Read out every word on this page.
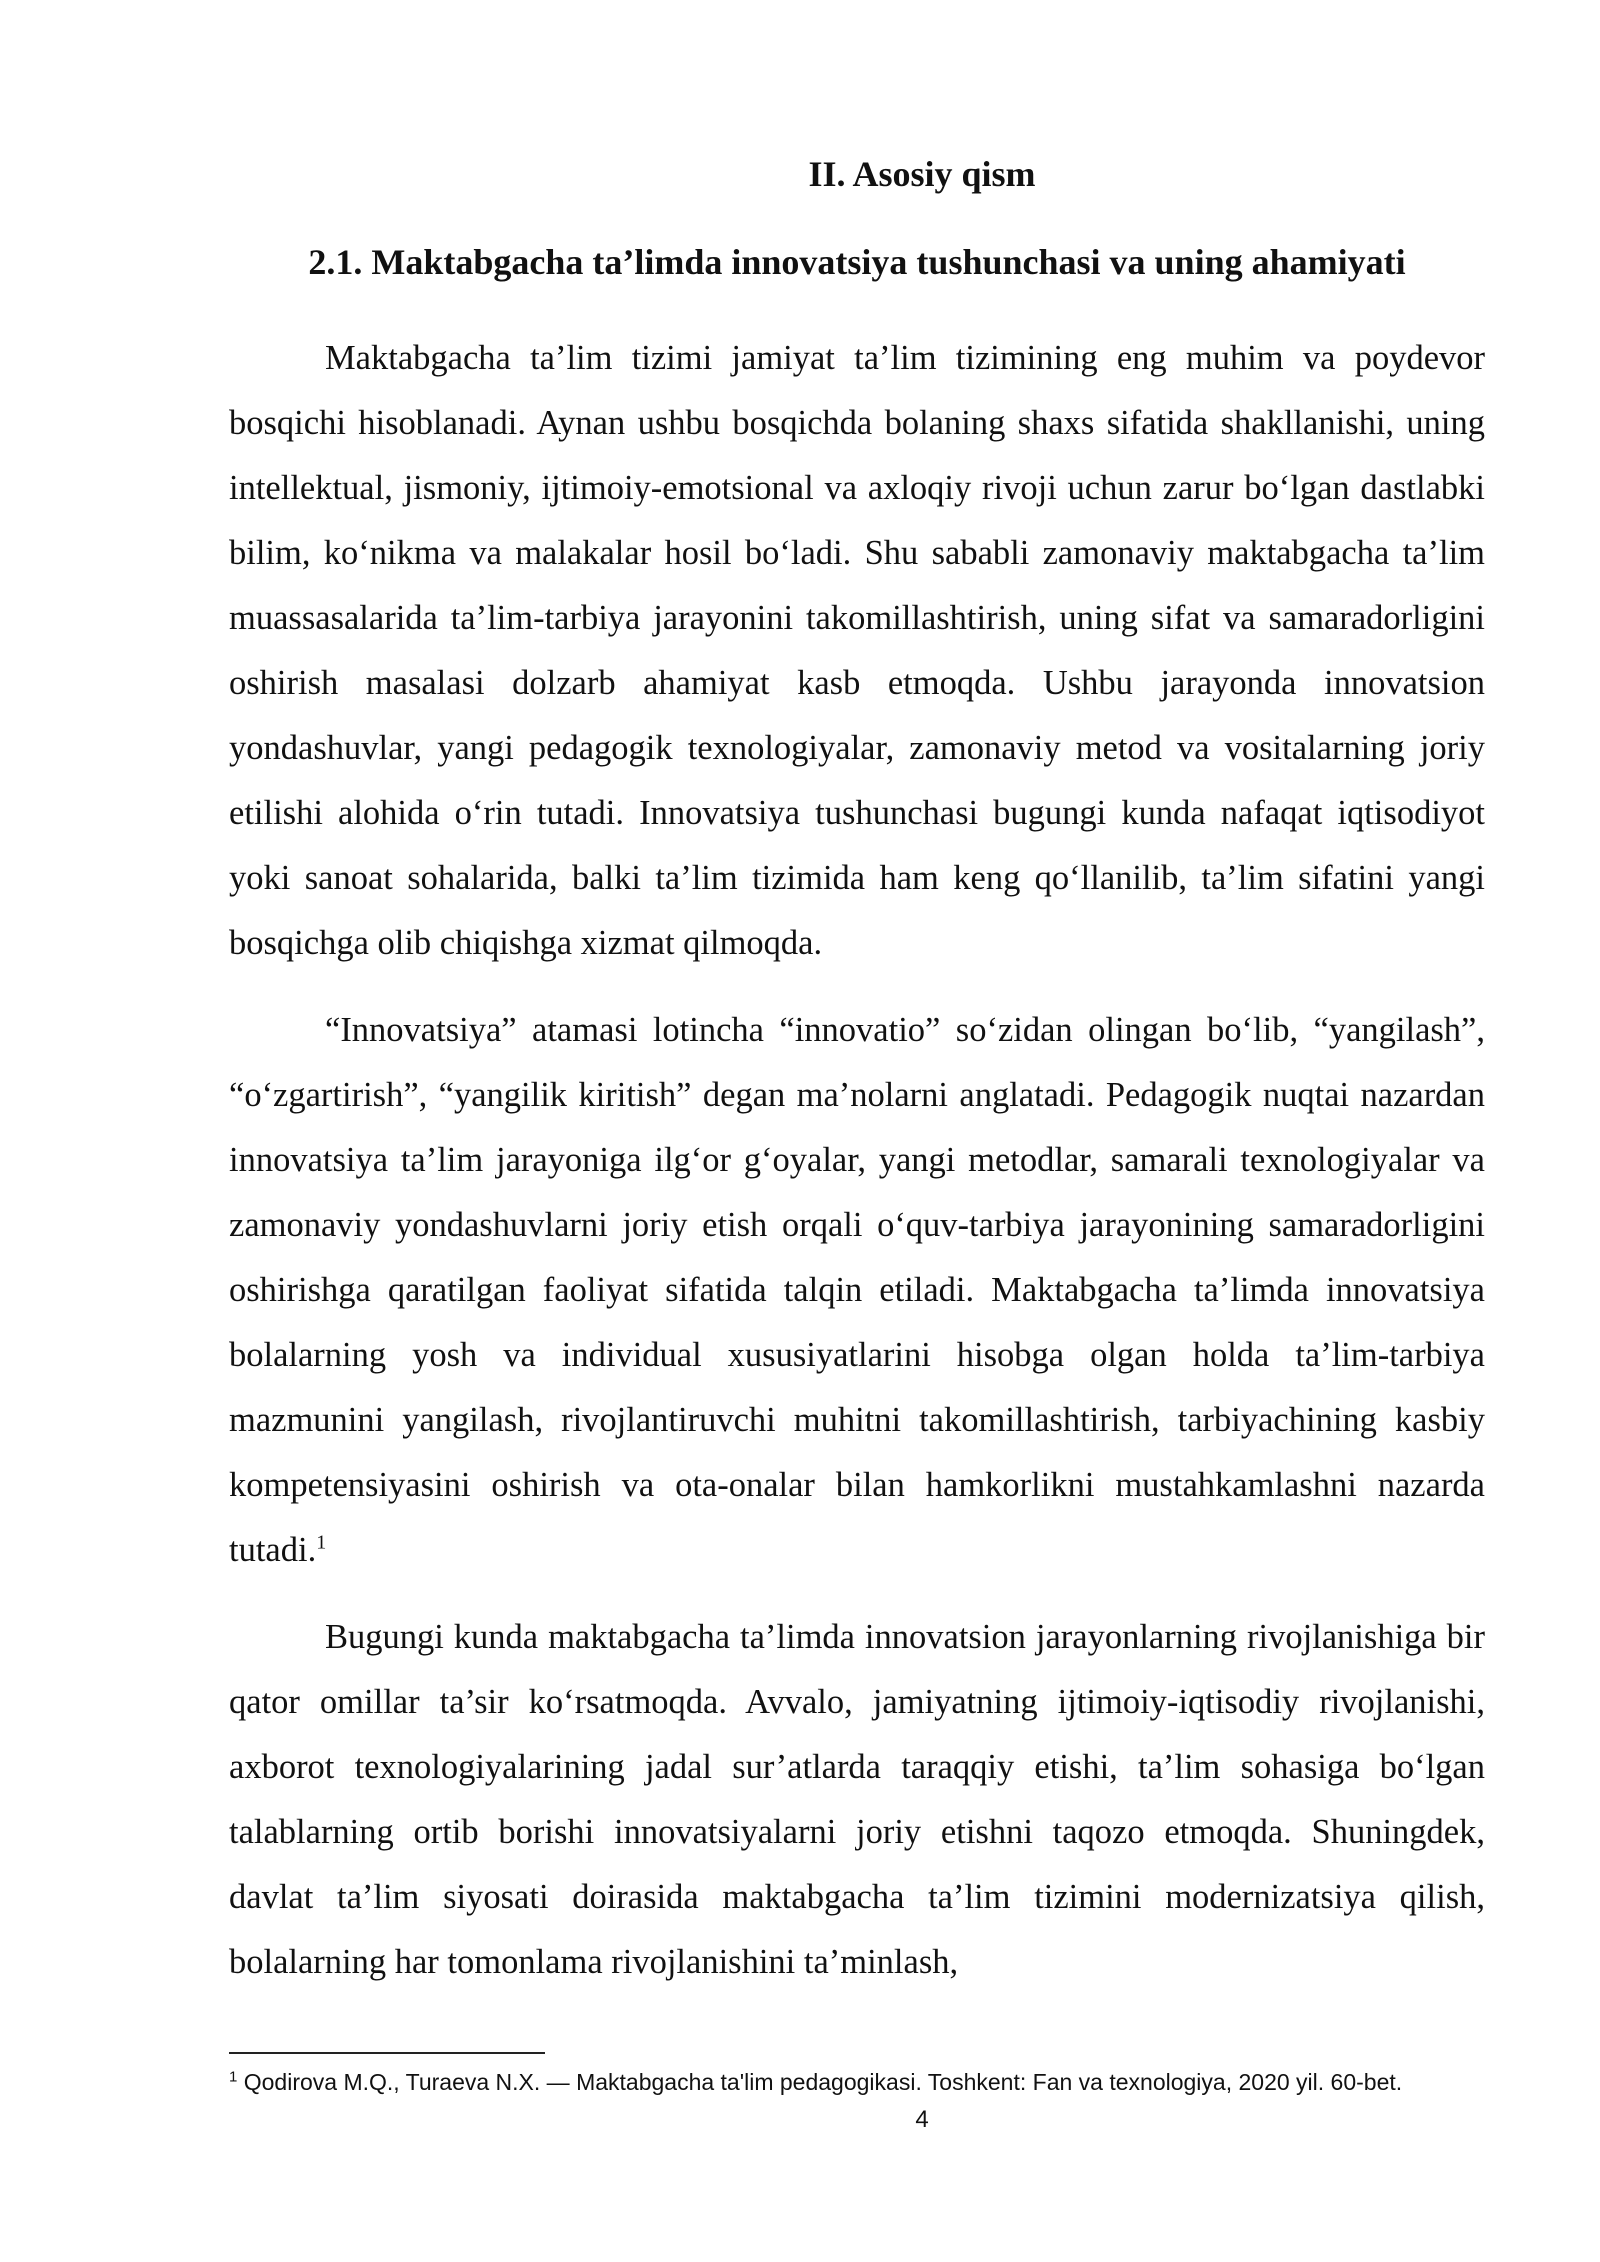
II. Asosiy qism
2.1. Maktabgacha ta’limda innovatsiya tushunchasi va uning ahamiyati

Maktabgacha ta’lim tizimi jamiyat ta’lim tizimining eng muhim va poydevor bosqichi hisoblanadi. Aynan ushbu bosqichda bolaning shaxs sifatida shakllanishi, uning intellektual, jismoniy, ijtimoiy-emotsional va axloqiy rivoji uchun zarur bo‘lgan dastlabki bilim, ko‘nikma va malakalar hosil bo‘ladi. Shu sababli zamonaviy maktabgacha ta’lim muassasalarida ta’lim-tarbiya jarayonini takomillashtirish, uning sifat va samaradorligini oshirish masalasi dolzarb ahamiyat kasb etmoqda. Ushbu jarayonda innovatsion yondashuvlar, yangi pedagogik texnologiyalar, zamonaviy metod va vositalarning joriy etilishi alohida o‘rin tutadi. Innovatsiya tushunchasi bugungi kunda nafaqat iqtisodiyot yoki sanoat sohalarida, balki ta’lim tizimida ham keng qo‘llanilib, ta’lim sifatini yangi bosqichga olib chiqishga xizmat qilmoqda.

“Innovatsiya” atamasi lotincha “innovatio” so‘zidan olingan bo‘lib, “yangilash”, “o‘zgartirish”, “yangilik kiritish” degan ma’nolarni anglatadi. Pedagogik nuqtai nazardan innovatsiya ta’lim jarayoniga ilg‘or g‘oyalar, yangi metodlar, samarali texnologiyalar va zamonaviy yondashuvlarni joriy etish orqali o‘quv-tarbiya jarayonining samaradorligini oshirishga qaratilgan faoliyat sifatida talqin etiladi. Maktabgacha ta’limda innovatsiya bolalarning yosh va individual xususiyatlarini hisobga olgan holda ta’lim-tarbiya mazmunini yangilash, rivojlantiruvchi muhitni takomillashtirish, tarbiyachining kasbiy kompetensiyasini oshirish va ota-onalar bilan hamkorlikni mustahkamlashni nazarda tutadi.$^1$

Bugungi kunda maktabgacha ta’limda innovatsion jarayonlarning rivojlanishiga bir qator omillar ta’sir ko‘rsatmoqda. Avvalo, jamiyatning ijtimoiy-iqtisodiy rivojlanishi, axborot texnologiyalarining jadal sur’atlarda taraqqiy etishi, ta’lim sohasiga bo‘lgan talablarning ortib borishi innovatsiyalarni joriy etishni taqozo etmoqda. Shuningdek, davlat ta’lim siyosati doirasida maktabgacha ta’lim tizimini modernizatsiya qilish, bolalarning har tomonlama rivojlanishini ta’minlash,

$^1$ Qodirova M.Q., Turaeva N.X. — Maktabgacha ta'lim pedagogikasi. Toshkent: Fan va texnologiya, 2020 yil. 60-bet.
4
